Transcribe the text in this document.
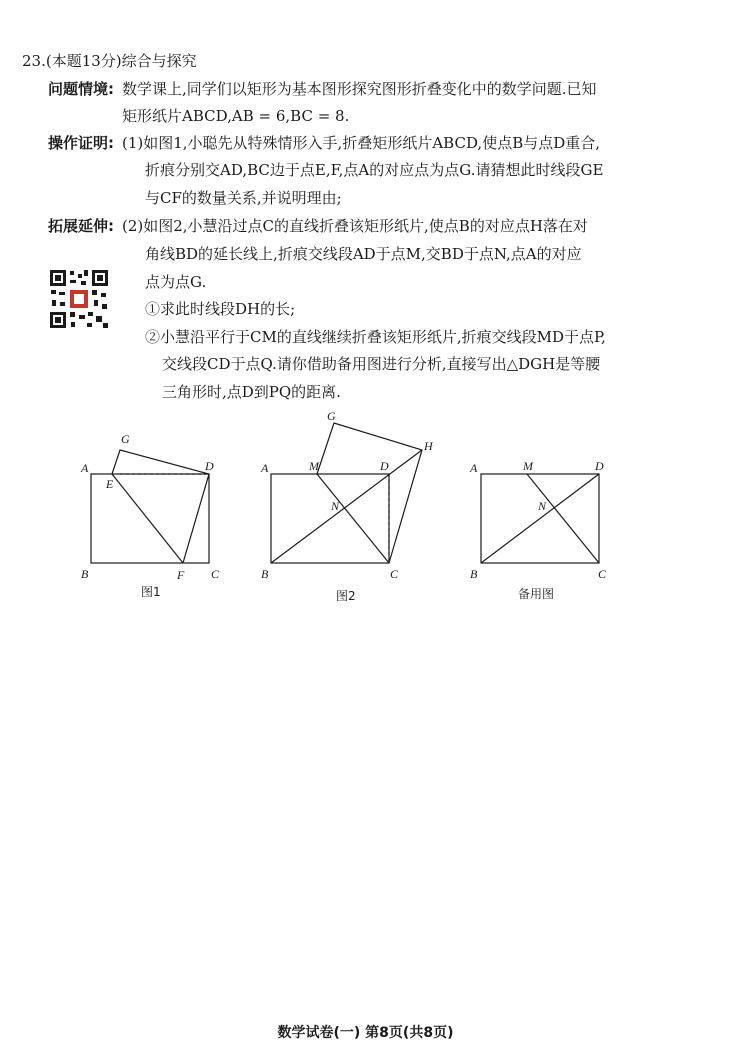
23.(本题13分)综合与探究
问题情境: 数学课上,同学们以矩形为基本图形探究图形折叠变化中的数学问题.已知
矩形纸片ABCD,AB = 6,BC = 8.
操作证明: (1)如图1,小聪先从特殊情形入手,折叠矩形纸片ABCD,使点B与点D重合,
折痕分别交AD,BC边于点E,F,点A的对应点为点G.请猜想此时线段GE
与CF的数量关系,并说明理由;
拓展延伸: (2)如图2,小慧沿过点C的直线折叠该矩形纸片,使点B的对应点H落在对
角线BD的延长线上,折痕交线段AD于点M,交BD于点N,点A的对应
点为点G.
①求此时线段DH的长;
②小慧沿平行于CM的直线继续折叠该矩形纸片,折痕交线段MD于点P,
交线段CD于点Q.请你借助备用图进行分析,直接写出△DGH是等腰
三角形时,点D到PQ的距离.
A
B	C
D
E
F
G
图1
A
B	C
D
M
N
G
H
图2
A
B	C
D
M
N
备用图
数学试卷(一) 第8页(共8页)
